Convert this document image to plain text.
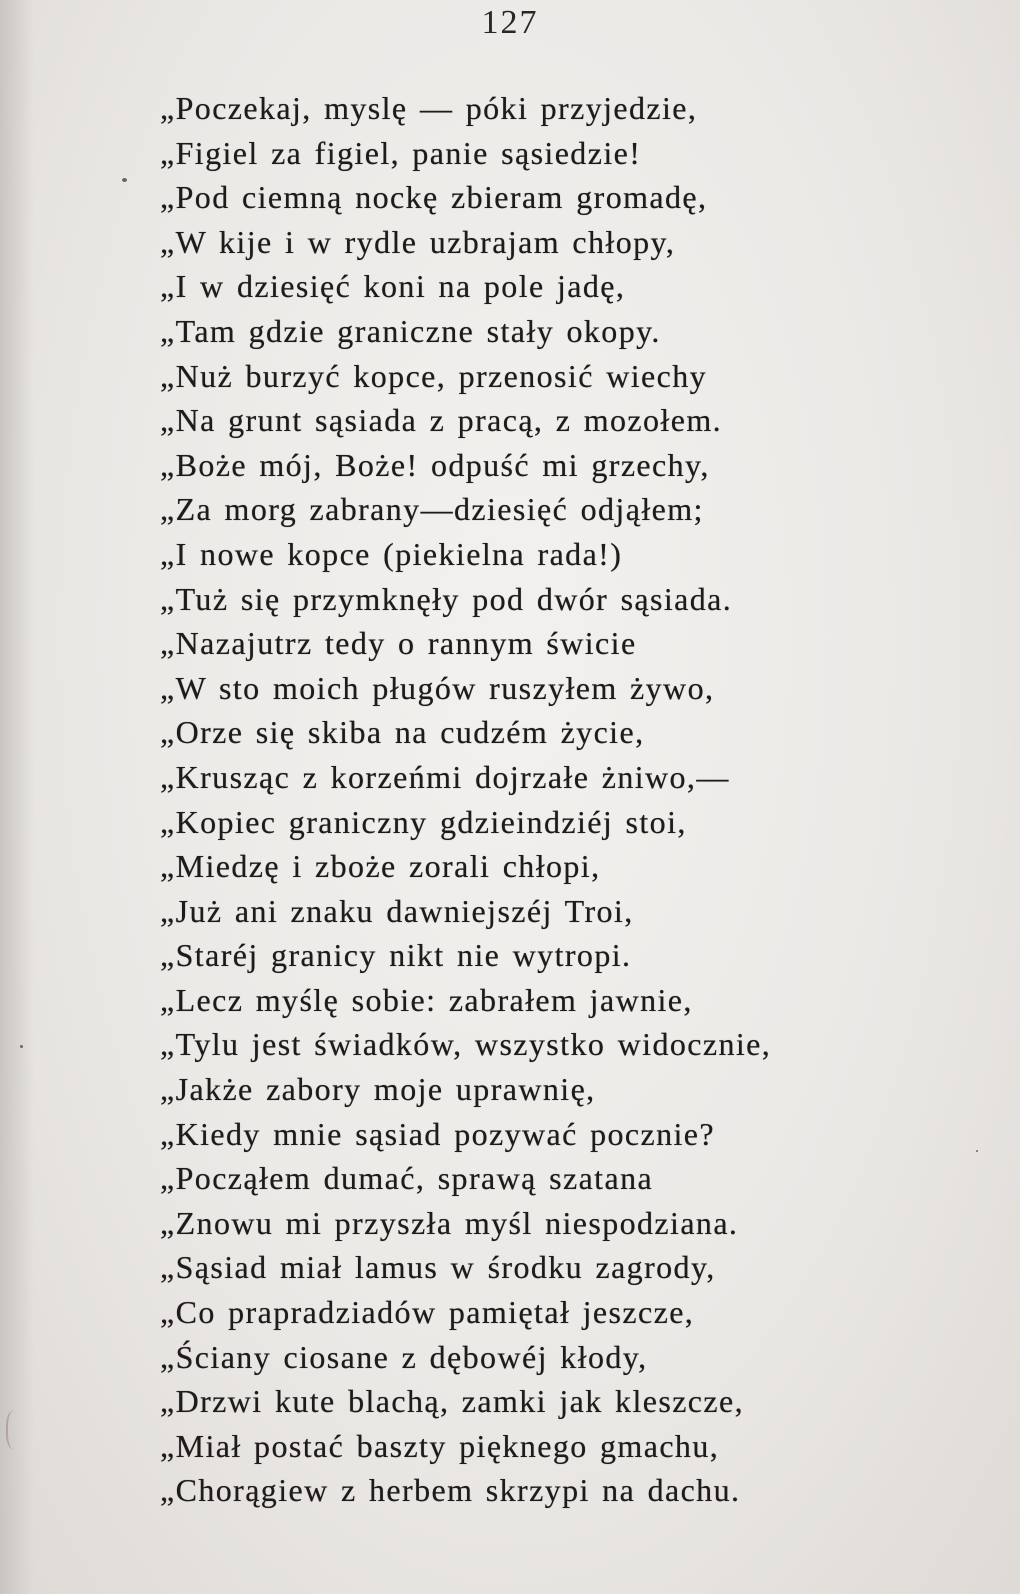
127
„Poczekaj, myslę — póki przyjedzie,
„Figiel za figiel, panie sąsiedzie!
„Pod ciemną nockę zbieram gromadę,
„W kije i w rydle uzbrajam chłopy,
„I w dziesięć koni na pole jadę,
„Tam gdzie graniczne stały okopy.
„Nuż burzyć kopce, przenosić wiechy
„Na grunt sąsiada z pracą, z mozołem.
„Boże mój, Boże! odpuść mi grzechy,
„Za morg zabrany—dziesięć odjąłem;
„I nowe kopce (piekielna rada!)
„Tuż się przymknęły pod dwór sąsiada.
„Nazajutrz tedy o rannym świcie
„W sto moich pługów ruszyłem żywo,
„Orze się skiba na cudzém życie,
„Krusząc z korzeńmi dojrzałe żniwo,—
„Kopiec graniczny gdzieindziéj stoi,
„Miedzę i zboże zorali chłopi,
„Już ani znaku dawniejszéj Troi,
„Staréj granicy nikt nie wytropi.
„Lecz myślę sobie: zabrałem jawnie,
„Tylu jest świadków, wszystko widocznie,
„Jakże zabory moje uprawnię,
„Kiedy mnie sąsiad pozywać pocznie?
„Począłem dumać, sprawą szatana
„Znowu mi przyszła myśl niespodziana.
„Sąsiad miał lamus w środku zagrody,
„Co prapradziadów pamiętał jeszcze,
„Ściany ciosane z dębowéj kłody,
„Drzwi kute blachą, zamki jak kleszcze,
„Miał postać baszty pięknego gmachu,
„Chorągiew z herbem skrzypi na dachu.
